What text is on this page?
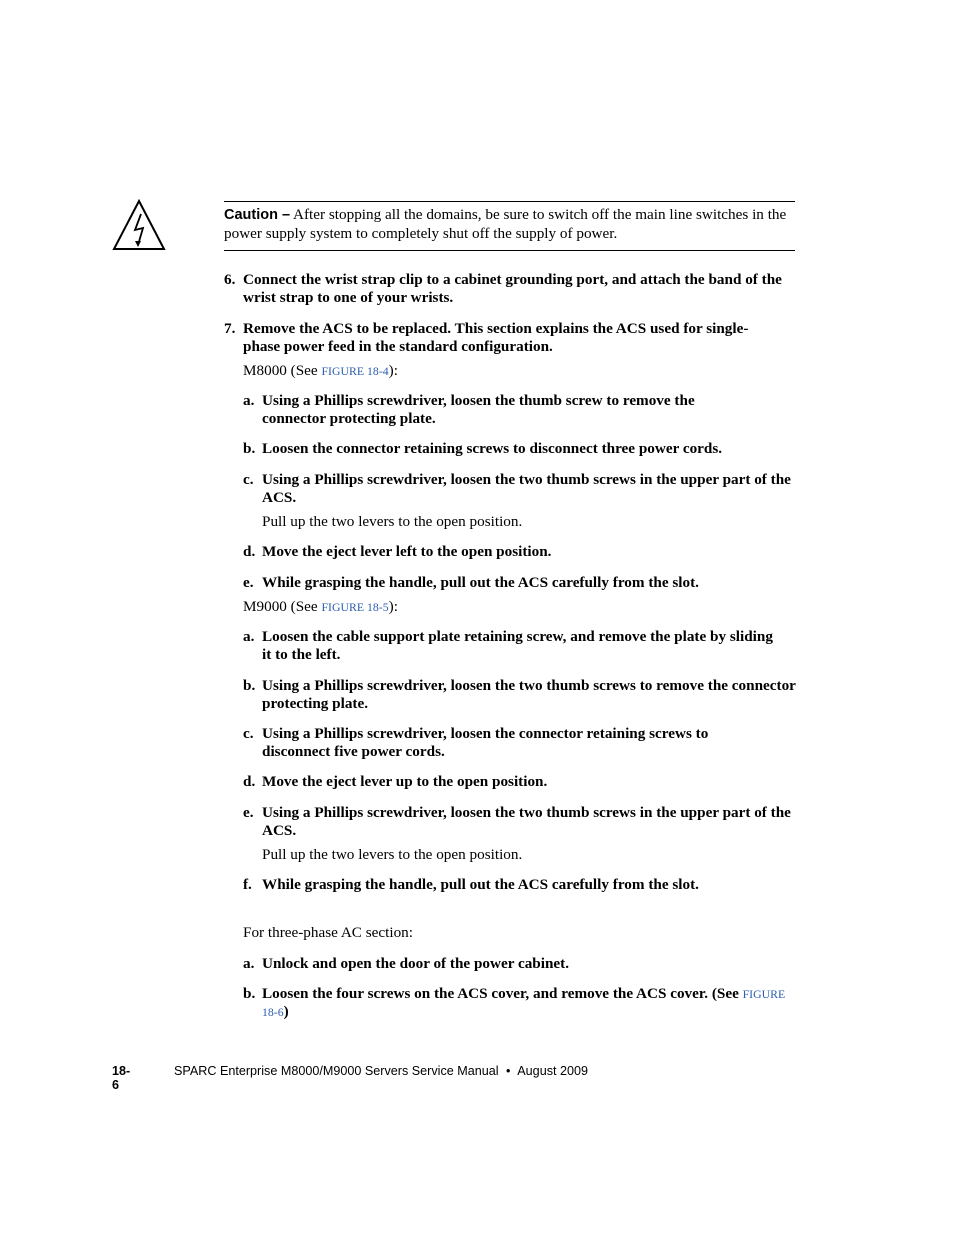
Caution – After stopping all the domains, be sure to switch off the main line switches in the power supply system to completely shut off the supply of power.
6. Connect the wrist strap clip to a cabinet grounding port, and attach the band of the wrist strap to one of your wrists.
7. Remove the ACS to be replaced. This section explains the ACS used for single-phase power feed in the standard configuration.
M8000 (See FIGURE 18-4):
a. Using a Phillips screwdriver, loosen the thumb screw to remove the connector protecting plate.
b. Loosen the connector retaining screws to disconnect three power cords.
c. Using a Phillips screwdriver, loosen the two thumb screws in the upper part of the ACS.
Pull up the two levers to the open position.
d. Move the eject lever left to the open position.
e. While grasping the handle, pull out the ACS carefully from the slot.
M9000 (See FIGURE 18-5):
a. Loosen the cable support plate retaining screw, and remove the plate by sliding it to the left.
b. Using a Phillips screwdriver, loosen the two thumb screws to remove the connector protecting plate.
c. Using a Phillips screwdriver, loosen the connector retaining screws to disconnect five power cords.
d. Move the eject lever up to the open position.
e. Using a Phillips screwdriver, loosen the two thumb screws in the upper part of the ACS.
Pull up the two levers to the open position.
f. While grasping the handle, pull out the ACS carefully from the slot.
For three-phase AC section:
a. Unlock and open the door of the power cabinet.
b. Loosen the four screws on the ACS cover, and remove the ACS cover. (See FIGURE 18-6)
18-6
SPARC Enterprise M8000/M9000 Servers Service Manual • August 2009
